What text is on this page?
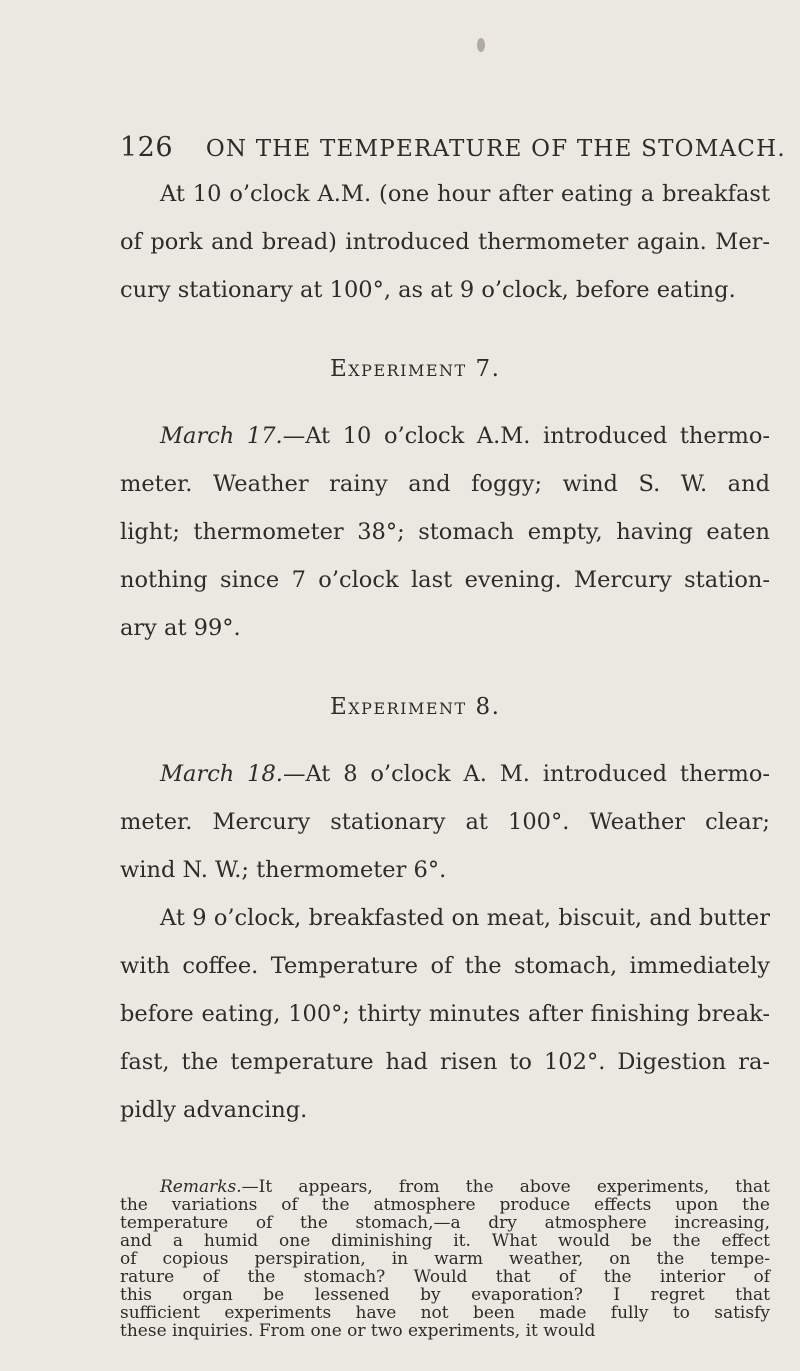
126 ON THE TEMPERATURE OF THE STOMACH.
At 10 o’clock A.M. (one hour after eating a breakfast
of pork and bread) introduced thermometer again. Mer-
cury stationary at 100°, as at 9 o’clock, before eating.
Experiment 7.
March 17.—At 10 o’clock A.M. introduced thermo-
meter. Weather rainy and foggy; wind S. W. and
light; thermometer 38°; stomach empty, having eaten
nothing since 7 o’clock last evening. Mercury station-
ary at 99°.
Experiment 8.
March 18.—At 8 o’clock A. M. introduced thermo-
meter. Mercury stationary at 100°. Weather clear;
wind N. W.; thermometer 6°.
At 9 o’clock, breakfasted on meat, biscuit, and butter
with coffee. Temperature of the stomach, immediately
before eating, 100°; thirty minutes after finishing break-
fast, the temperature had risen to 102°. Digestion ra-
pidly advancing.
Remarks.—It appears, from the above experiments, that
the variations of the atmosphere produce effects upon the
temperature of the stomach,—a dry atmosphere increasing,
and a humid one diminishing it. What would be the effect
of copious perspiration, in warm weather, on the tempe-
rature of the stomach? Would that of the interior of
this organ be lessened by evaporation? I regret that
sufficient experiments have not been made fully to satisfy
these inquiries. From one or two experiments, it would
